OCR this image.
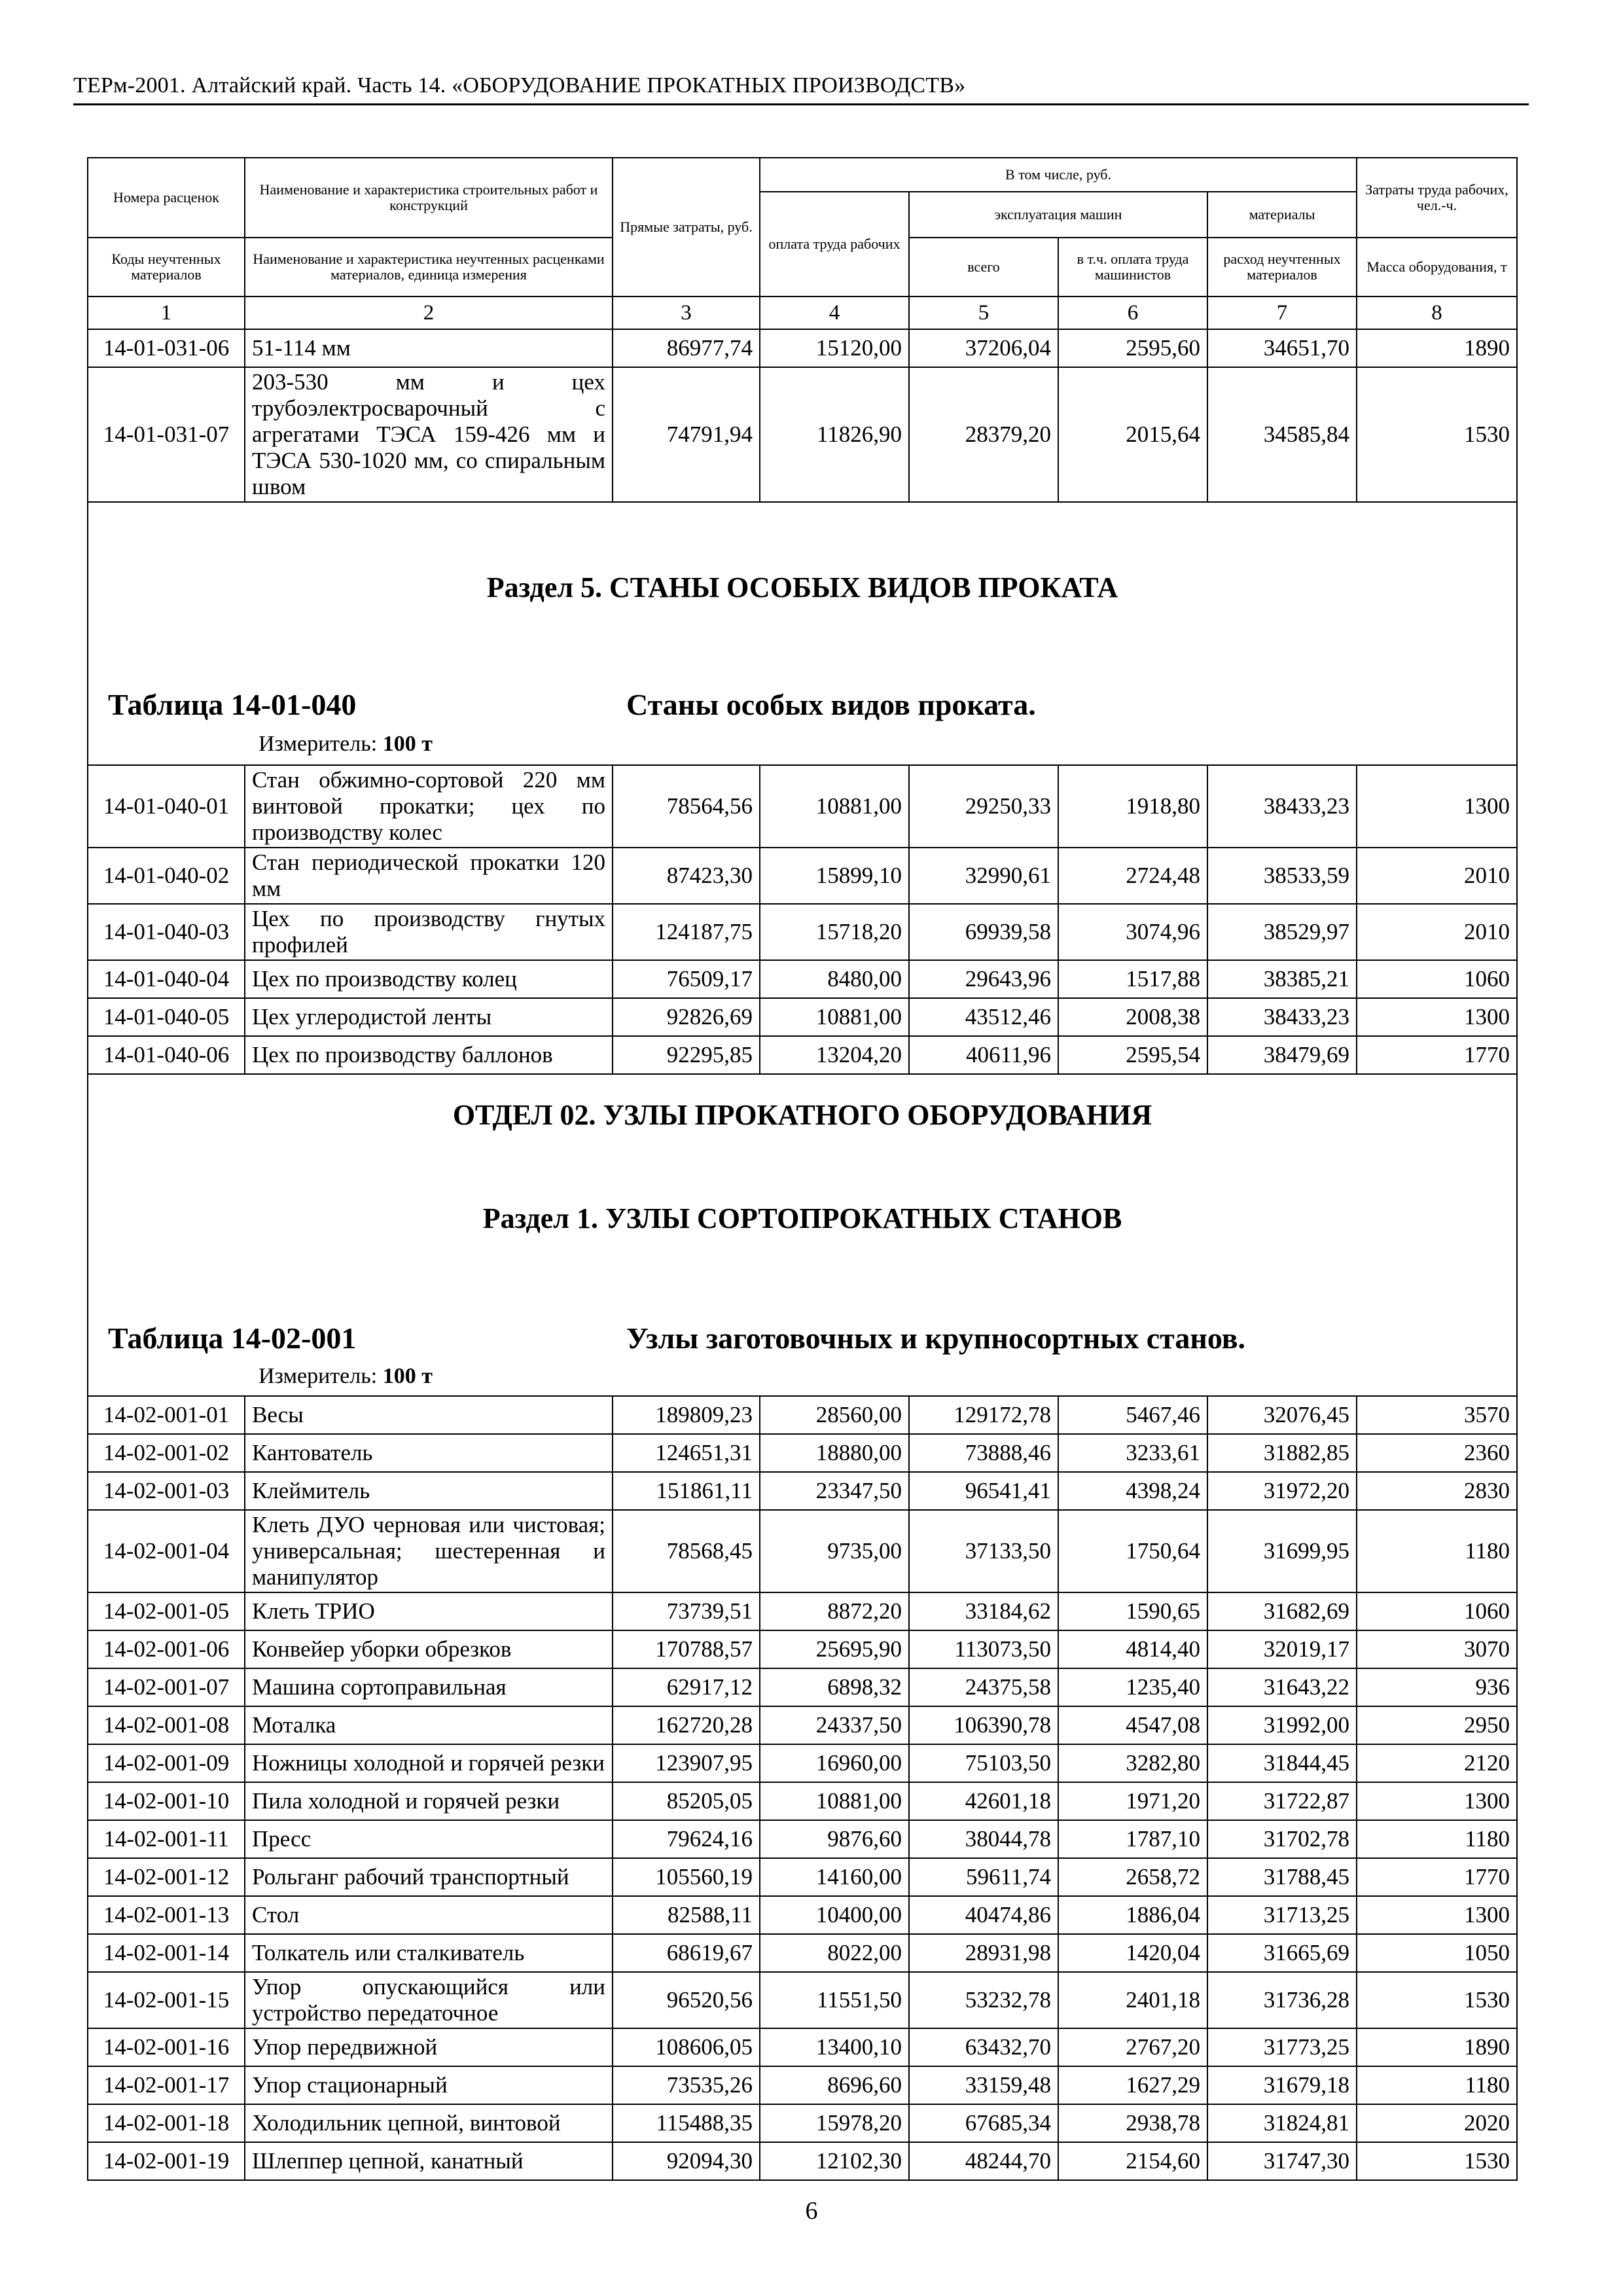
ТЕРм-2001. Алтайский край. Часть 14. «ОБОРУДОВАНИЕ ПРОКАТНЫХ ПРОИЗВОДСТВ»
Номера расценок	Наименование и характеристика строительных работ и конструкций	Прямые затраты, руб.	В том числе, руб.				Затраты труда рабочих, чел.-ч.
			оплата труда рабочих	эксплуатация машин		материалы	
Коды неучтенных материалов	Наименование и характеристика неучтенных расценками материалов, единица измерения			всего	в т.ч. оплата труда машинистов	расход неучтенных материалов	Масса оборудования, т
1	2	3	4	5	6	7	8
14-01-031-06	51-114 мм	86977,74	15120,00	37206,04	2595,60	34651,70	1890
14-01-031-07	203-530 мм и цех трубоэлектросварочный с агрегатами ТЭСА 159-426 мм и ТЭСА 530-1020 мм, со спиральным швом	74791,94	11826,90	28379,20	2015,64	34585,84	1530

Раздел 5. СТАНЫ ОСОБЫХ ВИДОВ ПРОКАТА
Таблица 14-01-040 Станы особых видов проката.
Измеритель: 100 т							

14-01-040-01	Стан обжимно-сортовой 220 мм винтовой прокатки; цех по производству колес	78564,56	10881,00	29250,33	1918,80	38433,23	1300
14-01-040-02	Стан периодической прокатки 120 мм	87423,30	15899,10	32990,61	2724,48	38533,59	2010
14-01-040-03	Цех по производству гнутых профилей	124187,75	15718,20	69939,58	3074,96	38529,97	2010
14-01-040-04	Цех по производству колец	76509,17	8480,00	29643,96	1517,88	38385,21	1060
14-01-040-05	Цех углеродистой ленты	92826,69	10881,00	43512,46	2008,38	38433,23	1300
14-01-040-06	Цех по производству баллонов	92295,85	13204,20	40611,96	2595,54	38479,69	1770

ОТДЕЛ 02. УЗЛЫ ПРОКАТНОГО ОБОРУДОВАНИЯ
Раздел 1. УЗЛЫ СОРТОПРОКАТНЫХ СТАНОВ
Таблица 14-02-001 Узлы заготовочных и крупносортных станов.
Измеритель: 100 т							

14-02-001-01	Весы	189809,23	28560,00	129172,78	5467,46	32076,45	3570
14-02-001-02	Кантователь	124651,31	18880,00	73888,46	3233,61	31882,85	2360
14-02-001-03	Клеймитель	151861,11	23347,50	96541,41	4398,24	31972,20	2830
14-02-001-04	Клеть ДУО черновая или чистовая; универсальная; шестеренная и манипулятор	78568,45	9735,00	37133,50	1750,64	31699,95	1180
14-02-001-05	Клеть ТРИО	73739,51	8872,20	33184,62	1590,65	31682,69	1060
14-02-001-06	Конвейер уборки обрезков	170788,57	25695,90	113073,50	4814,40	32019,17	3070
14-02-001-07	Машина сортоправильная	62917,12	6898,32	24375,58	1235,40	31643,22	936
14-02-001-08	Моталка	162720,28	24337,50	106390,78	4547,08	31992,00	2950
14-02-001-09	Ножницы холодной и горячей резки	123907,95	16960,00	75103,50	3282,80	31844,45	2120
14-02-001-10	Пила холодной и горячей резки	85205,05	10881,00	42601,18	1971,20	31722,87	1300
14-02-001-11	Пресс	79624,16	9876,60	38044,78	1787,10	31702,78	1180
14-02-001-12	Рольганг рабочий транспортный	105560,19	14160,00	59611,74	2658,72	31788,45	1770
14-02-001-13	Стол	82588,11	10400,00	40474,86	1886,04	31713,25	1300
14-02-001-14	Толкатель или сталкиватель	68619,67	8022,00	28931,98	1420,04	31665,69	1050
14-02-001-15	Упор опускающийся или устройство передаточное	96520,56	11551,50	53232,78	2401,18	31736,28	1530
14-02-001-16	Упор передвижной	108606,05	13400,10	63432,70	2767,20	31773,25	1890
14-02-001-17	Упор стационарный	73535,26	8696,60	33159,48	1627,29	31679,18	1180
14-02-001-18	Холодильник цепной, винтовой	115488,35	15978,20	67685,34	2938,78	31824,81	2020
14-02-001-19	Шлеппер цепной, канатный	92094,30	12102,30	48244,70	2154,60	31747,30	1530
6
